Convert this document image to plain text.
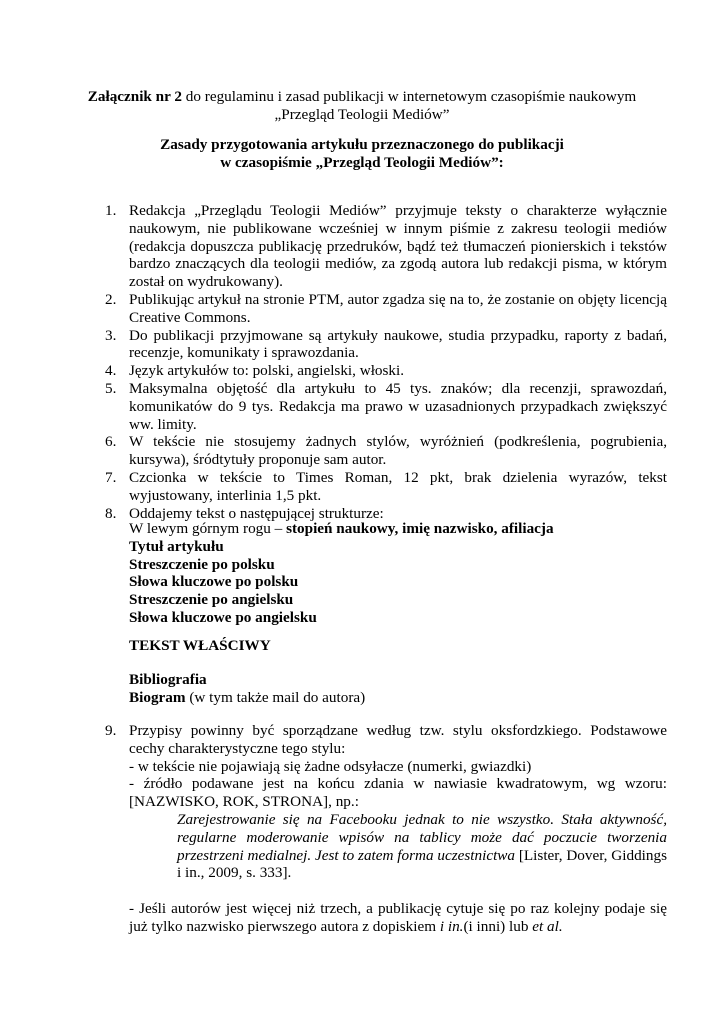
Załącznik nr 2 do regulaminu i zasad publikacji w internetowym czasopiśmie naukowym
„Przegląd Teologii Mediów”
Zasady przygotowania artykułu przeznaczonego do publikacji
w czasopiśmie „Przegląd Teologii Mediów”:
1. Redakcja „Przeglądu Teologii Mediów” przyjmuje teksty o charakterze wyłącznie naukowym, nie publikowane wcześniej w innym piśmie z zakresu teologii mediów (redakcja dopuszcza publikację przedruków, bądź też tłumaczeń pionierskich i tekstów bardzo znaczących dla teologii mediów, za zgodą autora lub redakcji pisma, w którym został on wydrukowany).
2. Publikując artykuł na stronie PTM, autor zgadza się na to, że zostanie on objęty licencją Creative Commons.
3. Do publikacji przyjmowane są artykuły naukowe, studia przypadku, raporty z badań, recenzje, komunikaty i sprawozdania.
4. Język artykułów to: polski, angielski, włoski.
5. Maksymalna objętość dla artykułu to 45 tys. znaków; dla recenzji, sprawozdań, komunikatów do 9 tys. Redakcja ma prawo w uzasadnionych przypadkach zwiększyć ww. limity.
6. W tekście nie stosujemy żadnych stylów, wyróżnień (podkreślenia, pogrubienia, kursywa), śródtytuły proponuje sam autor.
7. Czcionka w tekście to Times Roman, 12 pkt, brak dzielenia wyrazów, tekst wyjustowany, interlinia 1,5 pkt.
8. Oddajemy tekst o następującej strukturze:
W lewym górnym rogu – stopień naukowy, imię nazwisko, afiliacja
Tytuł artykułu
Streszczenie po polsku
Słowa kluczowe po polsku
Streszczenie po angielsku
Słowa kluczowe po angielsku
TEKST WŁAŚCIWY
Bibliografia
Biogram (w tym także mail do autora)
9. Przypisy powinny być sporządzane według tzw. stylu oksfordzkiego. Podstawowe cechy charakterystyczne tego stylu:
- w tekście nie pojawiają się żadne odsyłacze (numerki, gwiazdki)
- źródło podawane jest na końcu zdania w nawiasie kwadratowym, wg wzoru: [NAZWISKO, ROK, STRONA], np.:
Zarejestrowanie się na Facebooku jednak to nie wszystko. Stała aktywność, regularne moderowanie wpisów na tablicy może dać poczucie tworzenia przestrzeni medialnej. Jest to zatem forma uczestnictwa [Lister, Dover, Giddings i in., 2009, s. 333].
- Jeśli autorów jest więcej niż trzech, a publikację cytuje się po raz kolejny podaje się już tylko nazwisko pierwszego autora z dopiskiem i in.(i inni) lub et al.
